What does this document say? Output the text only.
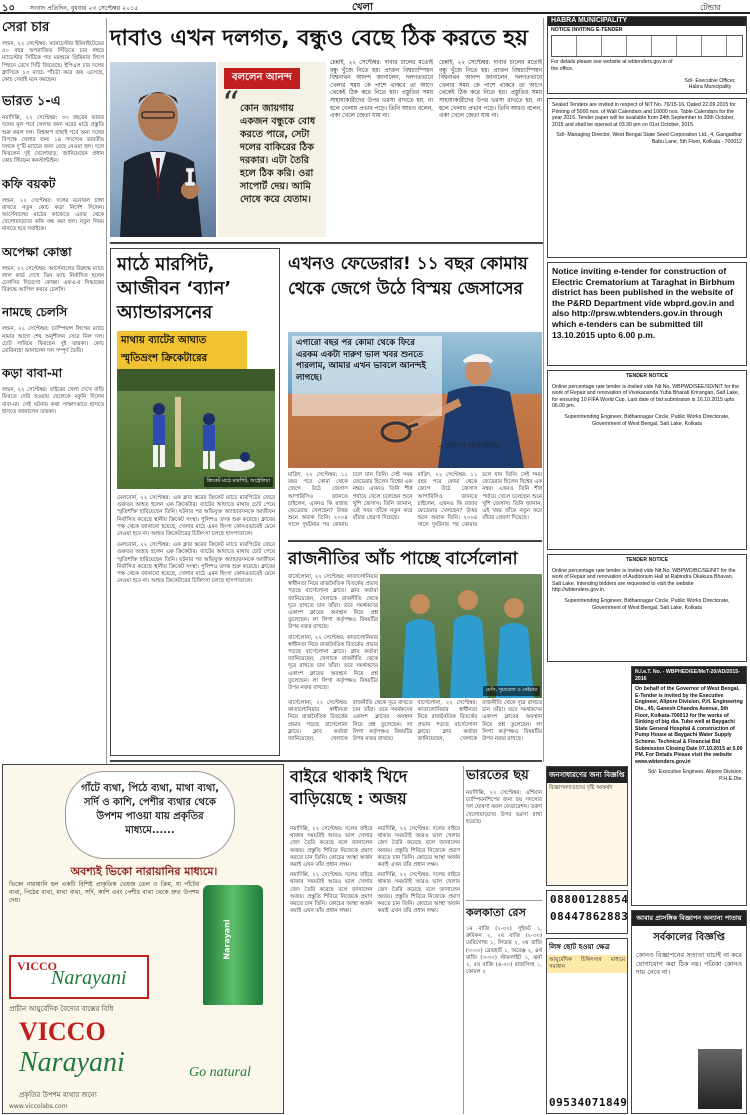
১০ সংবাদ প্রতিদিন, বুধবার ২৩ সেপ্টেম্বর ২০১৫	খেলা
সেরা চার
লন্ডন, ২২ সেপ্টেম্বর: ম্যানচেস্টার ইউনাইটেডের ৫০ বছর অপরাজিত সিঁড়িতে চার নম্বরে ম্যাচেস্টার সিটিকে গত মরশুমে প্রিমিয়ার লিগে পিছনে রেখে সিটি জিতেছে। ইপিএল চার দলের ক্লাসিকে ১৩ ম্যাচে পাঁচটা করে জয় এসেছে, কোচ সেরাই মনে করছেন।
ভারত ১-এ
নয়াদিল্লি, ২২ সেপ্টেম্বর: ৩৩ বছরের ভারত দলের মূল পর্বে খেলার জন্য ঘরের মাঠে প্রস্তুতি শুরু করল দল। বিশ্বকাপ বাছাই পর্বে অন্য দলের বিপক্ষে খেলার জন্য ১৪ সদস্যের ভারতীয় দলকে দু’টি ম্যাচের জন্য বেছে নেওয়া হল। দলে ফিরলেন দুই খেলোয়াড়, জানিয়েছেন প্রধান কোচ স্টিফেন কনস্টান্টাইন।
কফি বয়কট
লন্ডন, ২২ সেপ্টেম্বর: দলের মনোবল চাঙ্গা রাখতে নতুন কোচ কড়া নির্দেশ দিলেন। আর্সেনালের মাঠের কাফেতে এবার থেকে খেলোয়াড়দের কফি বন্ধ করা হল। নতুন নিয়ম মানতে হবে সবাইকে।
অপেক্ষা কোস্তা
লন্ডন, ২২ সেপ্টেম্বর: আর্সেনালের বিরুদ্ধে ম্যাচে লাল কার্ড দেখে তিন ম্যাচ নির্বাসিত হলেন চেলসির দিয়েগো কোস্তা। এফএ-র সিদ্ধান্তের বিরুদ্ধে আপিল করবে চেলসি।
নামছে চেলসি
লন্ডন, ২২ সেপ্টেম্বর: চ্যাম্পিয়ন্স লিগের ম্যাচে নামার আগে শেষ অনুশীলন সেরে নিল দল। চোট সারিয়ে ফিরছেন দুই তারকা। কোচ মোরিনহো জানালেন দল সম্পূর্ণ তৈরি।
কড়া বাবা-মা
লন্ডন, ২২ সেপ্টেম্বর: বাইরের খেলা দেখে বাড়ি ফিরতে দেরি হওয়ায় ছেলেকে বকুনি দিলেন বাবা-মা। সেই ঘটনার কথা সাক্ষাৎকারে হাসতে হাসতে জানালেন তারকা।
দাবাও এখন দলগত, বন্ধুও বেছে ঠিক করতে হয়
বললেন আনন্দ
“ কোন জায়গায় একজন বন্ধুকে বোধ করতে পারে, সেটা দলের বাকিরের ঠিক দরকার। এটা তৈরি হলে ঠিক করি। ওরা সাপোর্ট দেয়। আমি দোষে করে যেতাম।
চেন্নাই, ২২ সেপ্টেম্বর: দাবার চালের মতোই বন্ধু খুঁজে নিতে হয়। প্রাক্তন বিশ্বচ্যাম্পিয়ন বিশ্বনাথন আনন্দ জানালেন, দলগতভাবে খেলার সময় কে পাশে থাকবে তা আগে থেকেই ঠিক করে নিতে হয়। প্রস্তুতির সময় সাহায্যকারীদের উপর ভরসা রাখতে হয়, না হলে খেলায় প্রভাব পড়ে। তিনি আরও বলেন, একা খেলে জেতা যায় না।
চেন্নাই, ২২ সেপ্টেম্বর: দাবার চালের মতোই বন্ধু খুঁজে নিতে হয়। প্রাক্তন বিশ্বচ্যাম্পিয়ন বিশ্বনাথন আনন্দ জানালেন, দলগতভাবে খেলার সময় কে পাশে থাকবে তা আগে থেকেই ঠিক করে নিতে হয়। প্রস্তুতির সময় সাহায্যকারীদের উপর ভরসা রাখতে হয়, না হলে খেলায় প্রভাব পড়ে। তিনি আরও বলেন, একা খেলে জেতা যায় না।
মাঠে মারপিট, আজীবন ‘ব্যান’ অ্যান্ডারসনের
মাথায় ব্যাটের আঘাত
স্মৃতিভ্রংশ ক্রিকেটারের
ক্রিকেট মাঠে মারপিট, অস্ট্রেলিয়া
মেলবোর্ন, ২২ সেপ্টেম্বর: এক ক্লাব স্তরের ক্রিকেট ম্যাচে মারপিটের জেরে গুরুতর আহত হলেন এক ক্রিকেটার। ব্যাটের আঘাতে মাথায় চোট পেয়ে স্মৃতিশক্তি হারিয়েছেন তিনি। ঘটনার পর অভিযুক্ত অ্যান্ডারসনকে আজীবন নির্বাসিত করেছে স্থানীয় ক্রিকেট সংস্থা। পুলিশও তদন্ত শুরু করেছে। ক্লাবের পক্ষ থেকে জানানো হয়েছে, খেলার মাঠে এমন হিংসা কোনওভাবেই মেনে নেওয়া হবে না। আহত ক্রিকেটারের চিকিৎসা চলছে হাসপাতালে।
মেলবোর্ন, ২২ সেপ্টেম্বর: এক ক্লাব স্তরের ক্রিকেট ম্যাচে মারপিটের জেরে গুরুতর আহত হলেন এক ক্রিকেটার। ব্যাটের আঘাতে মাথায় চোট পেয়ে স্মৃতিশক্তি হারিয়েছেন তিনি। ঘটনার পর অভিযুক্ত অ্যান্ডারসনকে আজীবন নির্বাসিত করেছে স্থানীয় ক্রিকেট সংস্থা। পুলিশও তদন্ত শুরু করেছে। ক্লাবের পক্ষ থেকে জানানো হয়েছে, খেলার মাঠে এমন হিংসা কোনওভাবেই মেনে নেওয়া হবে না। আহত ক্রিকেটারের চিকিৎসা চলছে হাসপাতালে।
এখনও ফেডেরার! ১১ বছর কোমায় থেকে জেগে উঠে বিস্ময় জেসাসের
এগারো বছর পর কোমা থেকে ফিরে এরকম একটা দারুণ ভাল খবর শুনতে পারলাম, আমার এখন ভাবলে আনন্দই লাগছে।
—জেসাস আপারিসিও
মাদ্রিদ, ২২ সেপ্টেম্বর: ১১ বছর পরে কোমা থেকে জেগে উঠে জেসাস আপারিসিও জানতে চাইলেন, এখনও কি রজার ফেডেরার খেলছেন? উত্তর শুনে অবাক তিনি। ২০০৪ সালে দুর্ঘটনার পর কোমায় চলে যান তিনি। সেই সময় ফেডেরার ছিলেন বিশ্বের এক নম্বর। এখনও তিনি শীর্ষ পর্যায়ে খেলে চলেছেন শুনে খুশি জেসাস। তিনি জানান, এই খবর তাঁকে নতুন করে বাঁচার প্রেরণা দিয়েছে।
মাদ্রিদ, ২২ সেপ্টেম্বর: ১১ বছর পরে কোমা থেকে জেগে উঠে জেসাস আপারিসিও জানতে চাইলেন, এখনও কি রজার ফেডেরার খেলছেন? উত্তর শুনে অবাক তিনি। ২০০৪ সালে দুর্ঘটনার পর কোমায় চলে যান তিনি। সেই সময় ফেডেরার ছিলেন বিশ্বের এক নম্বর। এখনও তিনি শীর্ষ পর্যায়ে খেলে চলেছেন শুনে খুশি জেসাস। তিনি জানান, এই খবর তাঁকে নতুন করে বাঁচার প্রেরণা দিয়েছে।
রাজনীতির আঁচ পাচ্ছে বার্সেলোনা
বার্সেলোনা, ২২ সেপ্টেম্বর: কাতালোনিয়ার স্বাধীনতা নিয়ে রাজনৈতিক বিতর্কের প্রভাব পড়ছে বার্সেলোনা ক্লাবে। ক্লাব কর্তারা জানিয়েছেন, খেলাকে রাজনীতি থেকে দূরে রাখতে চান তাঁরা। তবে সমর্থকদের একাংশ ক্লাবের অবস্থান নিয়ে প্রশ্ন তুলেছেন। লা লিগা কর্তৃপক্ষও বিষয়টির উপর নজর রাখছে।
বার্সেলোনা, ২২ সেপ্টেম্বর: কাতালোনিয়ার স্বাধীনতা নিয়ে রাজনৈতিক বিতর্কের প্রভাব পড়ছে বার্সেলোনা ক্লাবে। ক্লাব কর্তারা জানিয়েছেন, খেলাকে রাজনীতি থেকে দূরে রাখতে চান তাঁরা। তবে সমর্থকদের একাংশ ক্লাবের অবস্থান নিয়ে প্রশ্ন তুলেছেন। লা লিগা কর্তৃপক্ষও বিষয়টির উপর নজর রাখছে।	মেসি, সুয়ারেজ ও নেইমার
বার্সেলোনা, ২২ সেপ্টেম্বর: কাতালোনিয়ার স্বাধীনতা নিয়ে রাজনৈতিক বিতর্কের প্রভাব পড়ছে বার্সেলোনা ক্লাবে। ক্লাব কর্তারা জানিয়েছেন, খেলাকে রাজনীতি থেকে দূরে রাখতে চান তাঁরা। তবে সমর্থকদের একাংশ ক্লাবের অবস্থান নিয়ে প্রশ্ন তুলেছেন। লা লিগা কর্তৃপক্ষও বিষয়টির উপর নজর রাখছে।
বার্সেলোনা, ২২ সেপ্টেম্বর: কাতালোনিয়ার স্বাধীনতা নিয়ে রাজনৈতিক বিতর্কের প্রভাব পড়ছে বার্সেলোনা ক্লাবে। ক্লাব কর্তারা জানিয়েছেন, খেলাকে রাজনীতি থেকে দূরে রাখতে চান তাঁরা। তবে সমর্থকদের একাংশ ক্লাবের অবস্থান নিয়ে প্রশ্ন তুলেছেন। লা লিগা কর্তৃপক্ষও বিষয়টির উপর নজর রাখছে।
গাঁটে ব্যথা, পিঠে ব্যথা, মাথা ব্যথা, সর্দি ও কাশি, পেশীর ব্যথার থেকে উপশম পাওয়া যায় প্রকৃতির মাধ্যমে......
অবশ্যই ভিকো নারায়ানির মাধ্যমে।
ভিকো নারায়ানি হল একটি বিশিষ্ট প্রাকৃতিক ভেষজ তেল ও ক্রিম, যা গাঁটের ব্যথা, পিঠের ব্যথা, মাথা ব্যথা, সর্দি, কাশি এবং পেশীর ব্যথা থেকে দ্রুত উপশম দেয়।
Narayani
VICCO
Narayani
প্রাচীন আয়ুর্বেদিক বৈদ্যের বাক্সের বিধি
VICCO
Narayani	Go natural
প্রকৃতির উপশম ব্যথার জন্যে
www.viccolabs.com
বাইরে থাকাই খিদে বাড়িয়েছে : অজয়
নয়াদিল্লি, ২২ সেপ্টেম্বর: দলের বাইরে থাকার সময়টাই আরও ভাল খেলার জেদ তৈরি করেছে বলে জানালেন অজয়। প্রস্তুতি শিবিরে নিজেকে প্রমাণ করতে চান তিনি। কোচের আস্থা অর্জন করাই এখন তাঁর প্রধান লক্ষ্য।
নয়াদিল্লি, ২২ সেপ্টেম্বর: দলের বাইরে থাকার সময়টাই আরও ভাল খেলার জেদ তৈরি করেছে বলে জানালেন অজয়। প্রস্তুতি শিবিরে নিজেকে প্রমাণ করতে চান তিনি। কোচের আস্থা অর্জন করাই এখন তাঁর প্রধান লক্ষ্য।
নয়াদিল্লি, ২২ সেপ্টেম্বর: দলের বাইরে থাকার সময়টাই আরও ভাল খেলার জেদ তৈরি করেছে বলে জানালেন অজয়। প্রস্তুতি শিবিরে নিজেকে প্রমাণ করতে চান তিনি। কোচের আস্থা অর্জন করাই এখন তাঁর প্রধান লক্ষ্য।
নয়াদিল্লি, ২২ সেপ্টেম্বর: দলের বাইরে থাকার সময়টাই আরও ভাল খেলার জেদ তৈরি করেছে বলে জানালেন অজয়। প্রস্তুতি শিবিরে নিজেকে প্রমাণ করতে চান তিনি। কোচের আস্থা অর্জন করাই এখন তাঁর প্রধান লক্ষ্য।
ভারতের ছয়
নয়াদিল্লি, ২২ সেপ্টেম্বর: এশিয়ান চ্যাম্পিয়নশিপের জন্য ছয় সদস্যের দল ঘোষণা করল ফেডারেশন। তরুণ খেলোয়াড়দের উপর ভরসা রাখা হয়েছে।
কলকাতা রেস
১ম বাজি (২-০০) সুইফট ১, রুবিকন ২, ২য় বাজি (২-৩০) মেরিগোল্ড ১, লিডার ২, ৩য় বাজি (৩-০০) ব্রেভহার্ট ১, অরেঞ্জ ২, ৪র্থ বাজি (৩-৩০) স্টারলাইট ১, ঝর্না ২, ৫ম বাজি (৪-০০) রাজসিংহ ১, কোমল ২
জনসাধারণের জন্য বিজ্ঞপ্তি
বিজ্ঞাপনদাতাদের দৃষ্টি আকর্ষণ
08800128854
08447862883
লিঙ্গ ছোট হওয়া ক্ষেত্র
আয়ুর্বেদিক চিকিৎসার মাধ্যমে সমাধান
09534071849
টেন্ডার
HABRA MUNICIPALITY
NOTICE INVITING E-TENDER
For details please see website at wbtenders.gov.in of the office.
Sd/- Executive Officer, Habra Municipality
Sealed Tenders are invited in respect of NIT No. 76/15-16, Dated 22.09.2015 for Printing of 5000 nos. of Wall Calendars and 10000 nos. Table Calendars for the year 2016. Tender paper will be available from 24th September to 30th October, 2015 and shall be opened at 03.30 pm on 01st October, 2015.
Sd/- Managing Director, West Bengal State Seed Corporation Ltd., 4, Gangadhar Babu Lane, 5th Floor, Kolkata - 700012
Notice inviting e-tender for construction of Electric Crematorium at Taraghat in Birbhum district has been published in the website of the P&RD Department vide wbprd.gov.in and also http://prsw.wbtenders.gov.in through which e-tenders can be submitted till 13.10.2015 upto 6.00 p.m.
TENDER NOTICE
Online percentage rate tender is invited vide Nit No. WBPWD/SEE/SD/NIT for the work of Repair and renovation of Vivekananda Yuba Bharati Krirangan, Salt Lake, for ensuring 10 FIFA World Cup. Last date of bid submission is 16.10.2015 upto 06.00 pm.
Superintending Engineer, Bidhannagar Circle, Public Works Directorate, Government of West Bengal, Salt Lake, Kolkata
TENDER NOTICE
Online percentage rate tender is invited vide Nit No. WBPWD/BC/SE/NIT for the work of Repair and renovation of Auditorium Hall at Rabindra Okakura Bhavan, Salt Lake. Intending bidders are requested to visit the website http://wbtenders.gov.in.
Superintending Engineer, Bidhannagar Circle, Public Works Directorate, Government of West Bengal, Salt Lake, Kolkata
N.I.e.T. No. - WBPHED/EE/MeT-20/AD/2015-2016
On behalf of the Governor of West Bengal, E-Tender is invited by the Executive Engineer, Alipore Division, P.H. Engineering Dte., 45, Ganesh Chandra Avenue, 5th Floor, Kolkata-700013 for the works of Sinking of big dia. Tube well at Baygachi State General Hospital & construction of Pump House at Baygachi Water Supply Scheme. Technical & Financial Bid Submission Closing Date 07.10.2015 at 5.00 PM. For Details Please visit the website www.wbtenders.gov.in
Sd/- Executive Engineer, Alipore Division, P.H.E.Dte.
আবার প্রাসঙ্গিক বিজ্ঞাপন অন্যান্য পাতায়
সর্বকালের বিজ্ঞপ্তি
কোনও বিজ্ঞাপনের সত্যতা যাচাই না করে যোগাযোগ করা ঠিক নয়। পত্রিকা কোনও দায় নেবে না।
